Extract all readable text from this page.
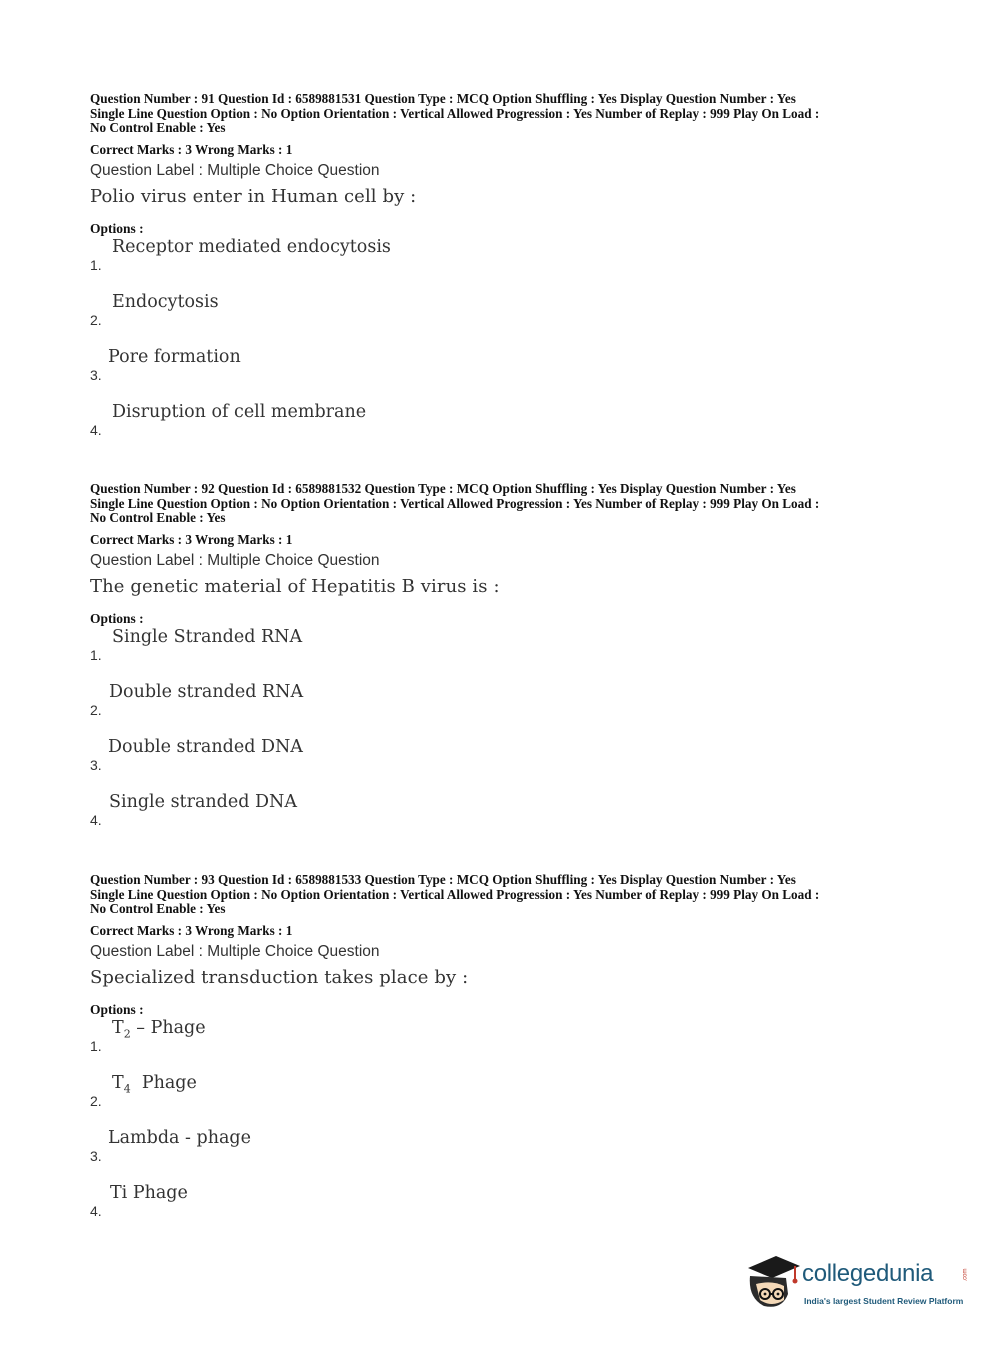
Question Number : 91 Question Id : 6589881531 Question Type : MCQ Option Shuffling : Yes Display Question Number : Yes
Single Line Question Option : No Option Orientation : Vertical Allowed Progression : Yes Number of Replay : 999 Play On Load :
No Control Enable : Yes
Correct Marks : 3 Wrong Marks : 1
Question Label : Multiple Choice Question
Polio virus enter in Human cell by :
Options :
1.
Receptor mediated endocytosis
2.
Endocytosis
3.
Pore formation
4.
Disruption of cell membrane
Question Number : 92 Question Id : 6589881532 Question Type : MCQ Option Shuffling : Yes Display Question Number : Yes
Single Line Question Option : No Option Orientation : Vertical Allowed Progression : Yes Number of Replay : 999 Play On Load :
No Control Enable : Yes
Correct Marks : 3 Wrong Marks : 1
Question Label : Multiple Choice Question
The genetic material of Hepatitis B virus is :
Options :
1.
Single Stranded RNA
2.
Double stranded RNA
3.
Double stranded DNA
4.
Single stranded DNA
Question Number : 93 Question Id : 6589881533 Question Type : MCQ Option Shuffling : Yes Display Question Number : Yes
Single Line Question Option : No Option Orientation : Vertical Allowed Progression : Yes Number of Replay : 999 Play On Load :
No Control Enable : Yes
Correct Marks : 3 Wrong Marks : 1
Question Label : Multiple Choice Question
Specialized transduction takes place by :
Options :
1.
$T_2$ – Phage
2.
$T_4$  Phage
3.
Lambda - phage
4.
Ti Phage
collegedunia	.com
India's largest Student Review Platform
